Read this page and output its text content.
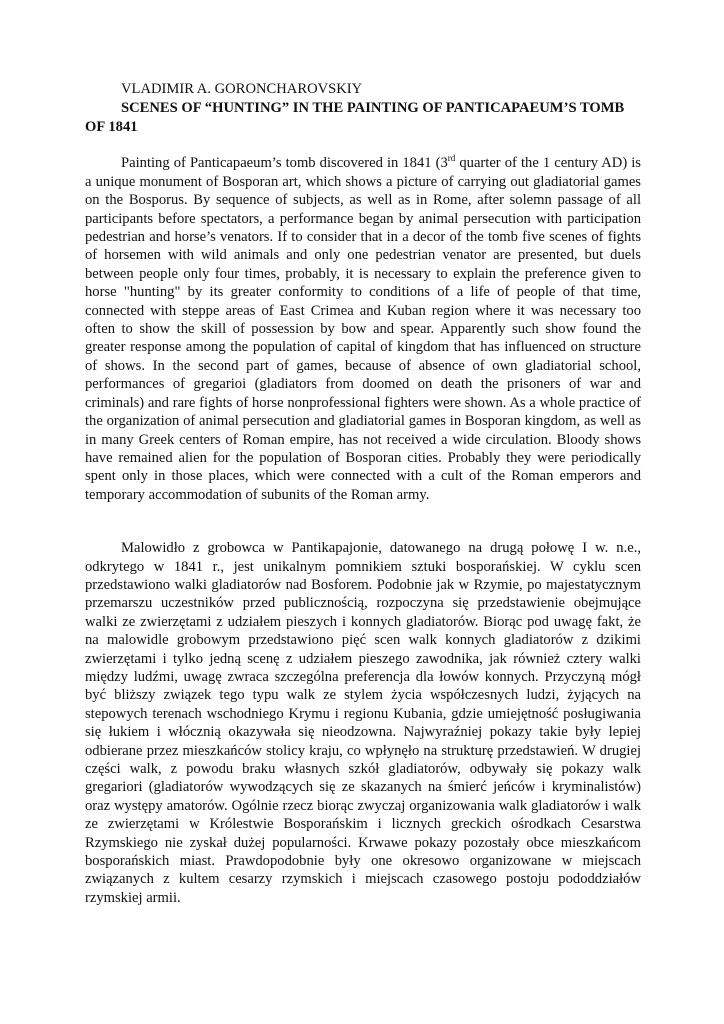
VLADIMIR A. GORONCHAROVSKIY
SCENES OF “HUNTING” IN THE PAINTING OF PANTICAPAEUM’S TOMB OF 1841

Painting of Panticapaeum’s tomb discovered in 1841 (3rd quarter of the 1 century AD) is a unique monument of Bosporan art, which shows a picture of carrying out gladiatorial games on the Bosporus. By sequence of subjects, as well as in Rome, after solemn passage of all participants before spectators, a performance began by animal persecution with participation pedestrian and horse’s venators. If to consider that in a decor of the tomb five scenes of fights of horsemen with wild animals and only one pedestrian venator are presented, but duels between people only four times, probably, it is necessary to explain the preference given to horse "hunting" by its greater conformity to conditions of a life of people of that time, connected with steppe areas of East Crimea and Kuban region where it was necessary too often to show the skill of possession by bow and spear. Apparently such show found the greater response among the population of capital of kingdom that has influenced on structure of shows. In the second part of games, because of absence of own gladiatorial school, performances of gregarioi (gladiators from doomed on death the prisoners of war and criminals) and rare fights of horse nonprofessional fighters were shown. As a whole practice of the organization of animal persecution and gladiatorial games in Bosporan kingdom, as well as in many Greek centers of Roman empire, has not received a wide circulation. Bloody shows have remained alien for the population of Bosporan cities. Probably they were periodically spent only in those places, which were connected with a cult of the Roman emperors and temporary accommodation of subunits of the Roman army.

Malowidło z grobowca w Pantikapajonie, datowanego na drugą połowę I w. n.e., odkrytego w 1841 r., jest unikalnym pomnikiem sztuki bosporańskiej. W cyklu scen przedstawiono walki gladiatorów nad Bosforem. Podobnie jak w Rzymie, po majestatycznym przemarszu uczestników przed publicznością, rozpoczyna się przedstawienie obejmujące walki ze zwierzętami z udziałem pieszych i konnych gladiatorów. Biorąc pod uwagę fakt, że na malowidle grobowym przedstawiono pięć scen walk konnych gladiatorów z dzikimi zwierzętami i tylko jedną scenę z udziałem pieszego zawodnika, jak również cztery walki między ludźmi, uwagę zwraca szczególna preferencja dla łowów konnych. Przyczyną mógł być bliższy związek tego typu walk ze stylem życia współczesnych ludzi, żyjących na stepowych terenach wschodniego Krymu i regionu Kubania, gdzie umiejętność posługiwania się łukiem i włócznią okazywała się nieodzowna. Najwyraźniej pokazy takie były lepiej odbierane przez mieszkańców stolicy kraju, co wpłynęło na strukturę przedstawień. W drugiej części walk, z powodu braku własnych szkół gladiatorów, odbywały się pokazy walk gregariori (gladiatorów wywodzących się ze skazanych na śmierć jeńców i kryminalistów) oraz występy amatorów. Ogólnie rzecz biorąc zwyczaj organizowania walk gladiatorów i walk ze zwierzętami w Królestwie Bosporańskim i licznych greckich ośrodkach Cesarstwa Rzymskiego nie zyskał dużej popularności. Krwawe pokazy pozostały obce mieszkańcom bosporańskich miast. Prawdopodobnie były one okresowo organizowane w miejscach związanych z kultem cesarzy rzymskich i miejscach czasowego postoju pododdziałów rzymskiej armii.
